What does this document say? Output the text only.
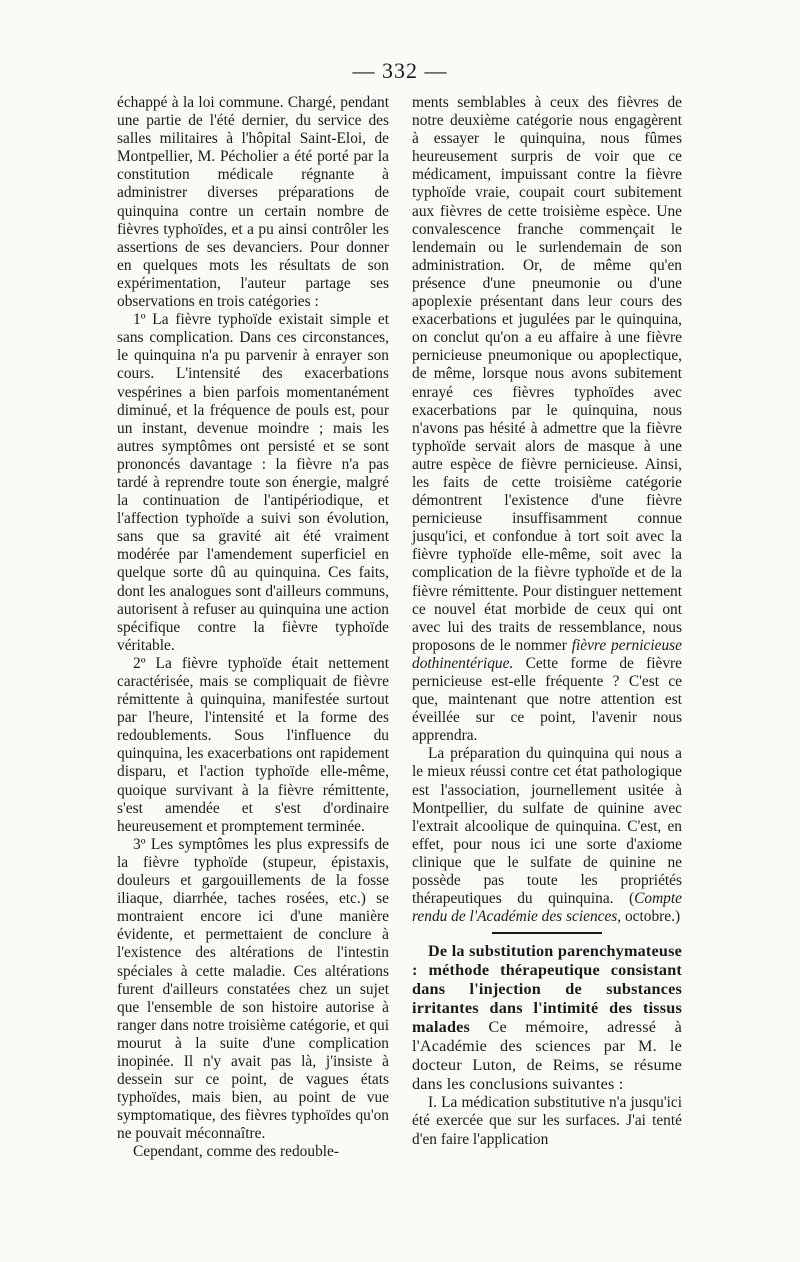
— 332 —

échappé à la loi commune. Chargé, pendant une partie de l'été dernier, du service des salles militaires à l'hôpital Saint-Eloi, de Montpellier, M. Pécholier a été porté par la constitution médicale régnante à administrer diverses préparations de quinquina contre un certain nombre de fièvres typhoïdes, et a pu ainsi contrôler les assertions de ses devanciers. Pour donner en quelques mots les résultats de son expérimentation, l'auteur partage ses observations en trois catégories :

1º La fièvre typhoïde existait simple et sans complication. Dans ces circonstances, le quinquina n'a pu parvenir à enrayer son cours. L'intensité des exacerbations vespérines a bien parfois momentanément diminué, et la fréquence de pouls est, pour un instant, devenue moindre ; mais les autres symptômes ont persisté et se sont prononcés davantage : la fièvre n'a pas tardé à reprendre toute son énergie, malgré la continuation de l'antipériodique, et l'affection typhoïde a suivi son évolution, sans que sa gravité ait été vraiment modérée par l'amendement superficiel en quelque sorte dû au quinquina. Ces faits, dont les analogues sont d'ailleurs communs, autorisent à refuser au quinquina une action spécifique contre la fièvre typhoïde véritable.

2º La fièvre typhoïde était nettement caractérisée, mais se compliquait de fièvre rémittente à quinquina, manifestée surtout par l'heure, l'intensité et la forme des redoublements. Sous l'influence du quinquina, les exacerbations ont rapidement disparu, et l'action typhoïde elle-même, quoique survivant à la fièvre rémittente, s'est amendée et s'est d'ordinaire heureusement et promptement terminée.

3º Les symptômes les plus expressifs de la fièvre typhoïde (stupeur, épistaxis, douleurs et gargouillements de la fosse iliaque, diarrhée, taches rosées, etc.) se montraient encore ici d'une manière évidente, et permettaient de conclure à l'existence des altérations de l'intestin spéciales à cette maladie. Ces altérations furent d'ailleurs constatées chez un sujet que l'ensemble de son histoire autorise à ranger dans notre troisième catégorie, et qui mourut à la suite d'une complication inopinée. Il n'y avait pas là, j'insiste à dessein sur ce point, de vagues états typhoïdes, mais bien, au point de vue symptomatique, des fièvres typhoïdes qu'on ne pouvait méconnaître.

Cependant, comme des redouble-

ments semblables à ceux des fièvres de notre deuxième catégorie nous engagèrent à essayer le quinquina, nous fûmes heureusement surpris de voir que ce médicament, impuissant contre la fièvre typhoïde vraie, coupait court subitement aux fièvres de cette troisième espèce. Une convalescence franche commençait le lendemain ou le surlendemain de son administration. Or, de même qu'en présence d'une pneumonie ou d'une apoplexie présentant dans leur cours des exacerbations et jugulées par le quinquina, on conclut qu'on a eu affaire à une fièvre pernicieuse pneumonique ou apoplectique, de même, lorsque nous avons subitement enrayé ces fièvres typhoïdes avec exacerbations par le quinquina, nous n'avons pas hésité à admettre que la fièvre typhoïde servait alors de masque à une autre espèce de fièvre pernicieuse. Ainsi, les faits de cette troisième catégorie démontrent l'existence d'une fièvre pernicieuse insuffisamment connue jusqu'ici, et confondue à tort soit avec la fièvre typhoïde elle-même, soit avec la complication de la fièvre typhoïde et de la fièvre rémittente. Pour distinguer nettement ce nouvel état morbide de ceux qui ont avec lui des traits de ressemblance, nous proposons de le nommer fièvre pernicieuse dothinentérique. Cette forme de fièvre pernicieuse est-elle fréquente ? C'est ce que, maintenant que notre attention est éveillée sur ce point, l'avenir nous apprendra.

La préparation du quinquina qui nous a le mieux réussi contre cet état pathologique est l'association, journellement usitée à Montpellier, du sulfate de quinine avec l'extrait alcoolique de quinquina. C'est, en effet, pour nous ici une sorte d'axiome clinique que le sulfate de quinine ne possède pas toute les propriétés thérapeutiques du quinquina. (Compte rendu de l'Académie des sciences, octobre.)

De la substitution parenchymateuse : méthode thérapeutique consistant dans l'injection de substances irritantes dans l'intimité des tissus malades Ce mémoire, adressé à l'Académie des sciences par M. le docteur Luton, de Reims, se résume dans les conclusions suivantes :

I. La médication substitutive n'a jusqu'ici été exercée que sur les surfaces. J'ai tenté d'en faire l'application
